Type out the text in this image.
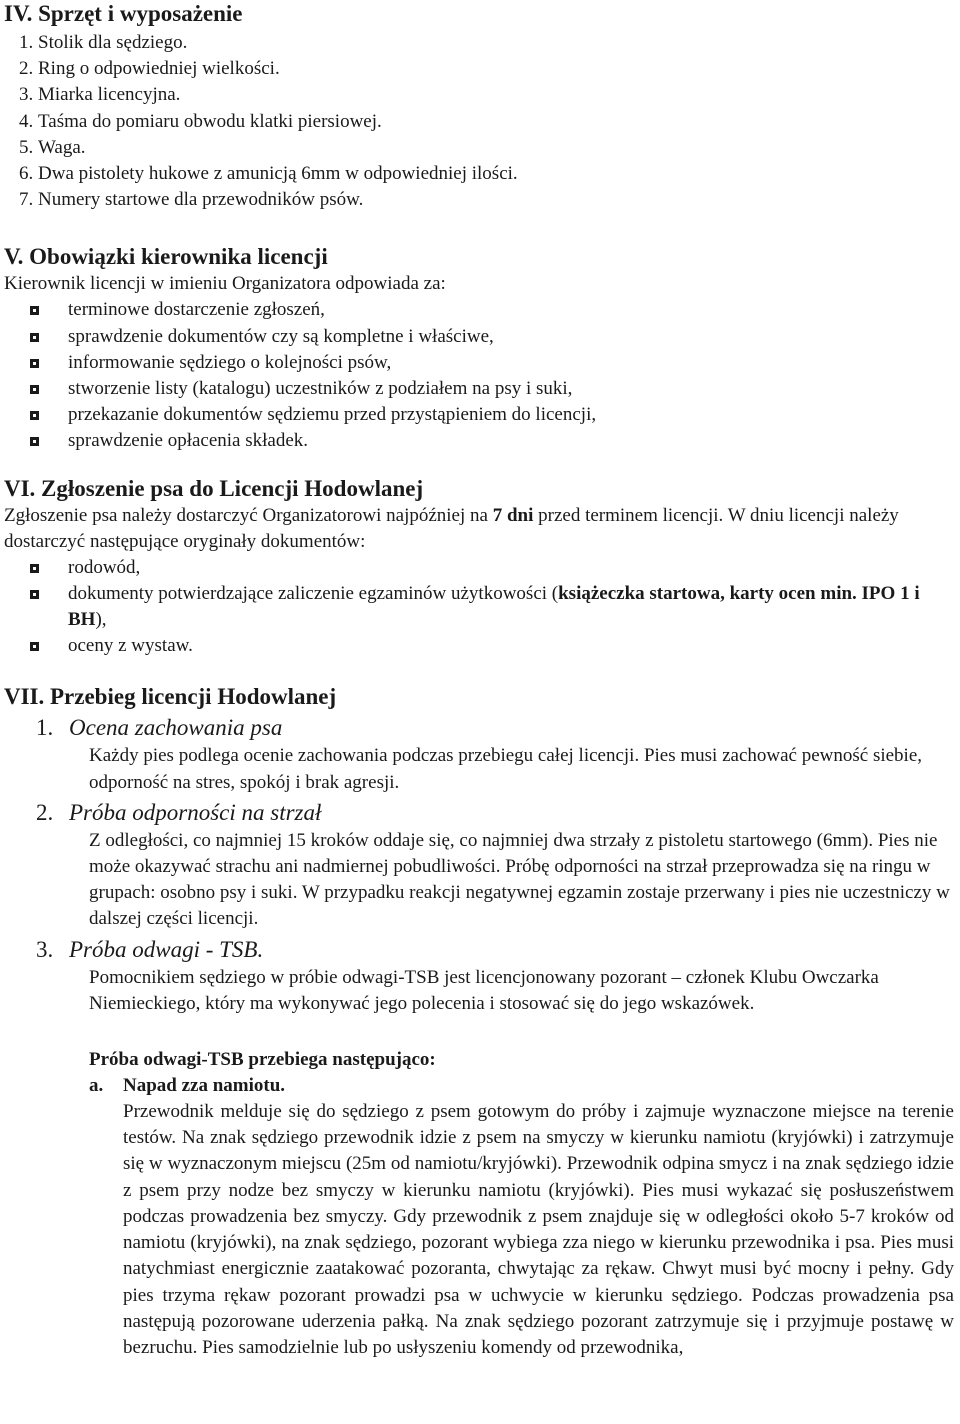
IV. Sprzęt i wyposażenie
1. Stolik dla sędziego.
2. Ring o odpowiedniej wielkości.
3. Miarka licencyjna.
4. Taśma do pomiaru obwodu klatki piersiowej.
5. Waga.
6. Dwa pistolety hukowe z amunicją 6mm w odpowiedniej ilości.
7. Numery startowe dla przewodników psów.
V. Obowiązki kierownika licencji

Kierownik licencji w imieniu Organizatora odpowiada za:

terminowe dostarczenie zgłoszeń,
sprawdzenie dokumentów czy są kompletne i właściwe,
informowanie sędziego o kolejności psów,
stworzenie listy (katalogu) uczestników z podziałem na psy i suki,
przekazanie dokumentów sędziemu przed przystąpieniem do licencji,
sprawdzenie opłacenia składek.
VI. Zgłoszenie psa do Licencji Hodowlanej

Zgłoszenie psa należy dostarczyć Organizatorowi najpóźniej na 7 dni przed terminem licencji. W dniu licencji należy dostarczyć następujące oryginały dokumentów:

rodowód,
dokumenty potwierdzające zaliczenie egzaminów użytkowości (książeczka startowa, karty ocen min. IPO 1 i BH),
oceny z wystaw.
VII. Przebieg licencji Hodowlanej
1. Ocena zachowania psa

Każdy pies podlega ocenie zachowania podczas przebiegu całej licencji. Pies musi zachować pewność siebie, odporność na stres, spokój i brak agresji.

2. Próba odporności na strzał

Z odległości, co najmniej 15 kroków oddaje się, co najmniej dwa strzały z pistoletu startowego (6mm). Pies nie może okazywać strachu ani nadmiernej pobudliwości. Próbę odporności na strzał przeprowadza się na ringu w grupach: osobno psy i suki. W przypadku reakcji negatywnej egzamin zostaje przerwany i pies nie uczestniczy w dalszej części licencji.

3. Próba odwagi - TSB.

Pomocnikiem sędziego w próbie odwagi-TSB jest licencjonowany pozorant – członek Klubu Owczarka Niemieckiego, który ma wykonywać jego polecenia i stosować się do jego wskazówek.

Próba odwagi-TSB przebiega następująco:

a. Napad zza namiotu.

Przewodnik melduje się do sędziego z psem gotowym do próby i zajmuje wyznaczone miejsce na terenie testów. Na znak sędziego przewodnik idzie z psem na smyczy w kierunku namiotu (kryjówki) i zatrzymuje się w wyznaczonym miejscu (25m od namiotu/kryjówki). Przewodnik odpina smycz i na znak sędziego idzie z psem przy nodze bez smyczy w kierunku namiotu (kryjówki). Pies musi wykazać się posłuszeństwem podczas prowadzenia bez smyczy. Gdy przewodnik z psem znajduje się w odległości około 5-7 kroków od namiotu (kryjówki), na znak sędziego, pozorant wybiega zza niego w kierunku przewodnika i psa. Pies musi natychmiast energicznie zaatakować pozoranta, chwytając za rękaw. Chwyt musi być mocny i pełny. Gdy pies trzyma rękaw pozorant prowadzi psa w uchwycie w kierunku sędziego. Podczas prowadzenia psa następują pozorowane uderzenia pałką. Na znak sędziego pozorant zatrzymuje się i przyjmuje postawę w bezruchu. Pies samodzielnie lub po usłyszeniu komendy od przewodnika,
